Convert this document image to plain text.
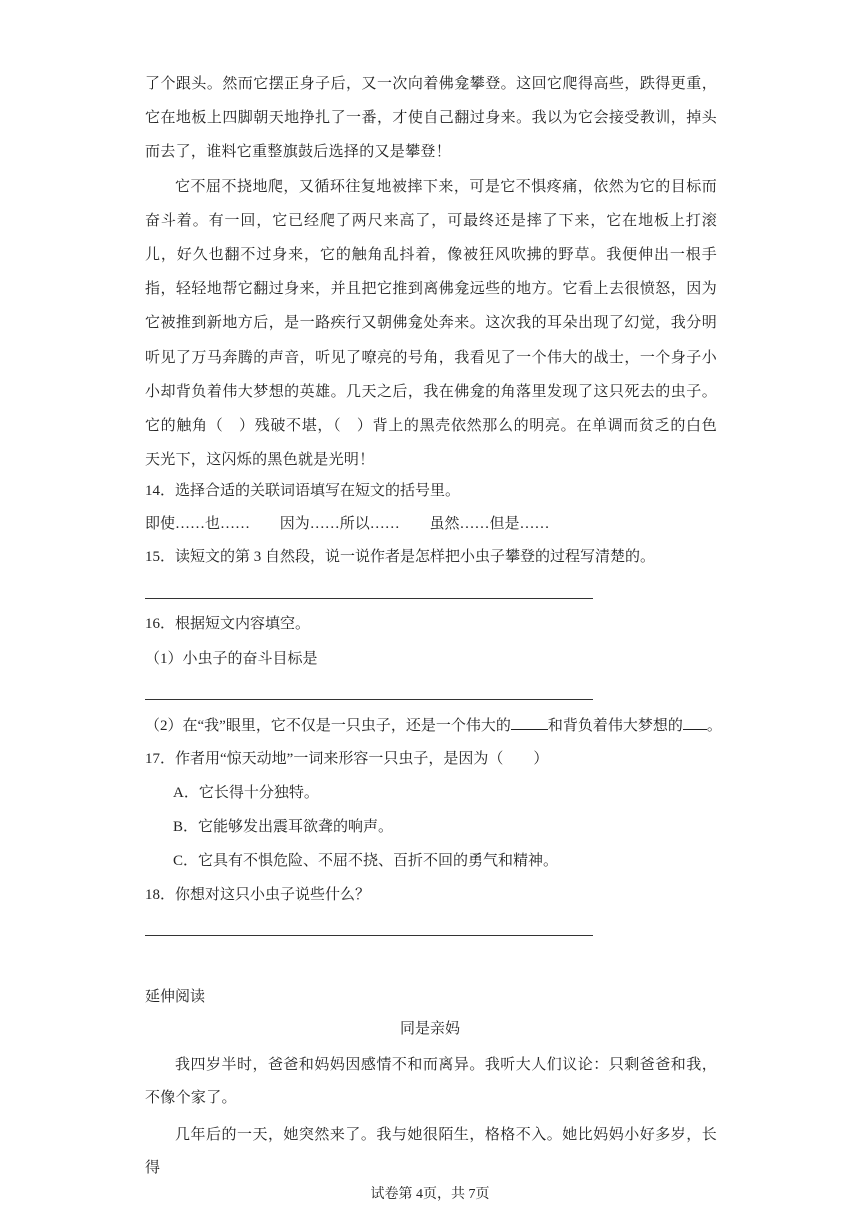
了个跟头。然而它摆正身子后，又一次向着佛龛攀登。这回它爬得高些，跌得更重，它在地板上四脚朝天地挣扎了一番，才使自己翻过身来。我以为它会接受教训，掉头而去了，谁料它重整旗鼓后选择的又是攀登！

它不屈不挠地爬，又循环往复地被摔下来，可是它不惧疼痛，依然为它的目标而奋斗着。有一回，它已经爬了两尺来高了，可最终还是摔了下来，它在地板上打滚儿，好久也翻不过身来，它的触角乱抖着，像被狂风吹拂的野草。我便伸出一根手指，轻轻地帮它翻过身来，并且把它推到离佛龛远些的地方。它看上去很愤怒，因为它被推到新地方后，是一路疾行又朝佛龛处奔来。这次我的耳朵出现了幻觉，我分明听见了万马奔腾的声音，听见了嘹亮的号角，我看见了一个伟大的战士，一个身子小小却背负着伟大梦想的英雄。几天之后，我在佛龛的角落里发现了这只死去的虫子。它的触角（　）残破不堪，（　）背上的黑壳依然那么的明亮。在单调而贫乏的白色天光下，这闪烁的黑色就是光明！

14．选择合适的关联词语填写在短文的括号里。
即使……也…… 因为……所以…… 虽然……但是……
15．读短文的第 3 自然段，说一说作者是怎样把小虫子攀登的过程写清楚的。
16．根据短文内容填空。
（1）小虫子的奋斗目标是
（2）在“我”眼里，它不仅是一只虫子，还是一个伟大的 和背负着伟大梦想的 。
17．作者用“惊天动地”一词来形容一只虫子，是因为（　　）
A．它长得十分独特。
B．它能够发出震耳欲聋的响声。
C．它具有不惧危险、不屈不挠、百折不回的勇气和精神。
18．你想对这只小虫子说些什么？
延伸阅读
同是亲妈

我四岁半时，爸爸和妈妈因感情不和而离异。我听大人们议论：只剩爸爸和我，不像个家了。

几年后的一天，她突然来了。我与她很陌生，格格不入。她比妈妈小好多岁，长得

试卷第 4页，共 7页
